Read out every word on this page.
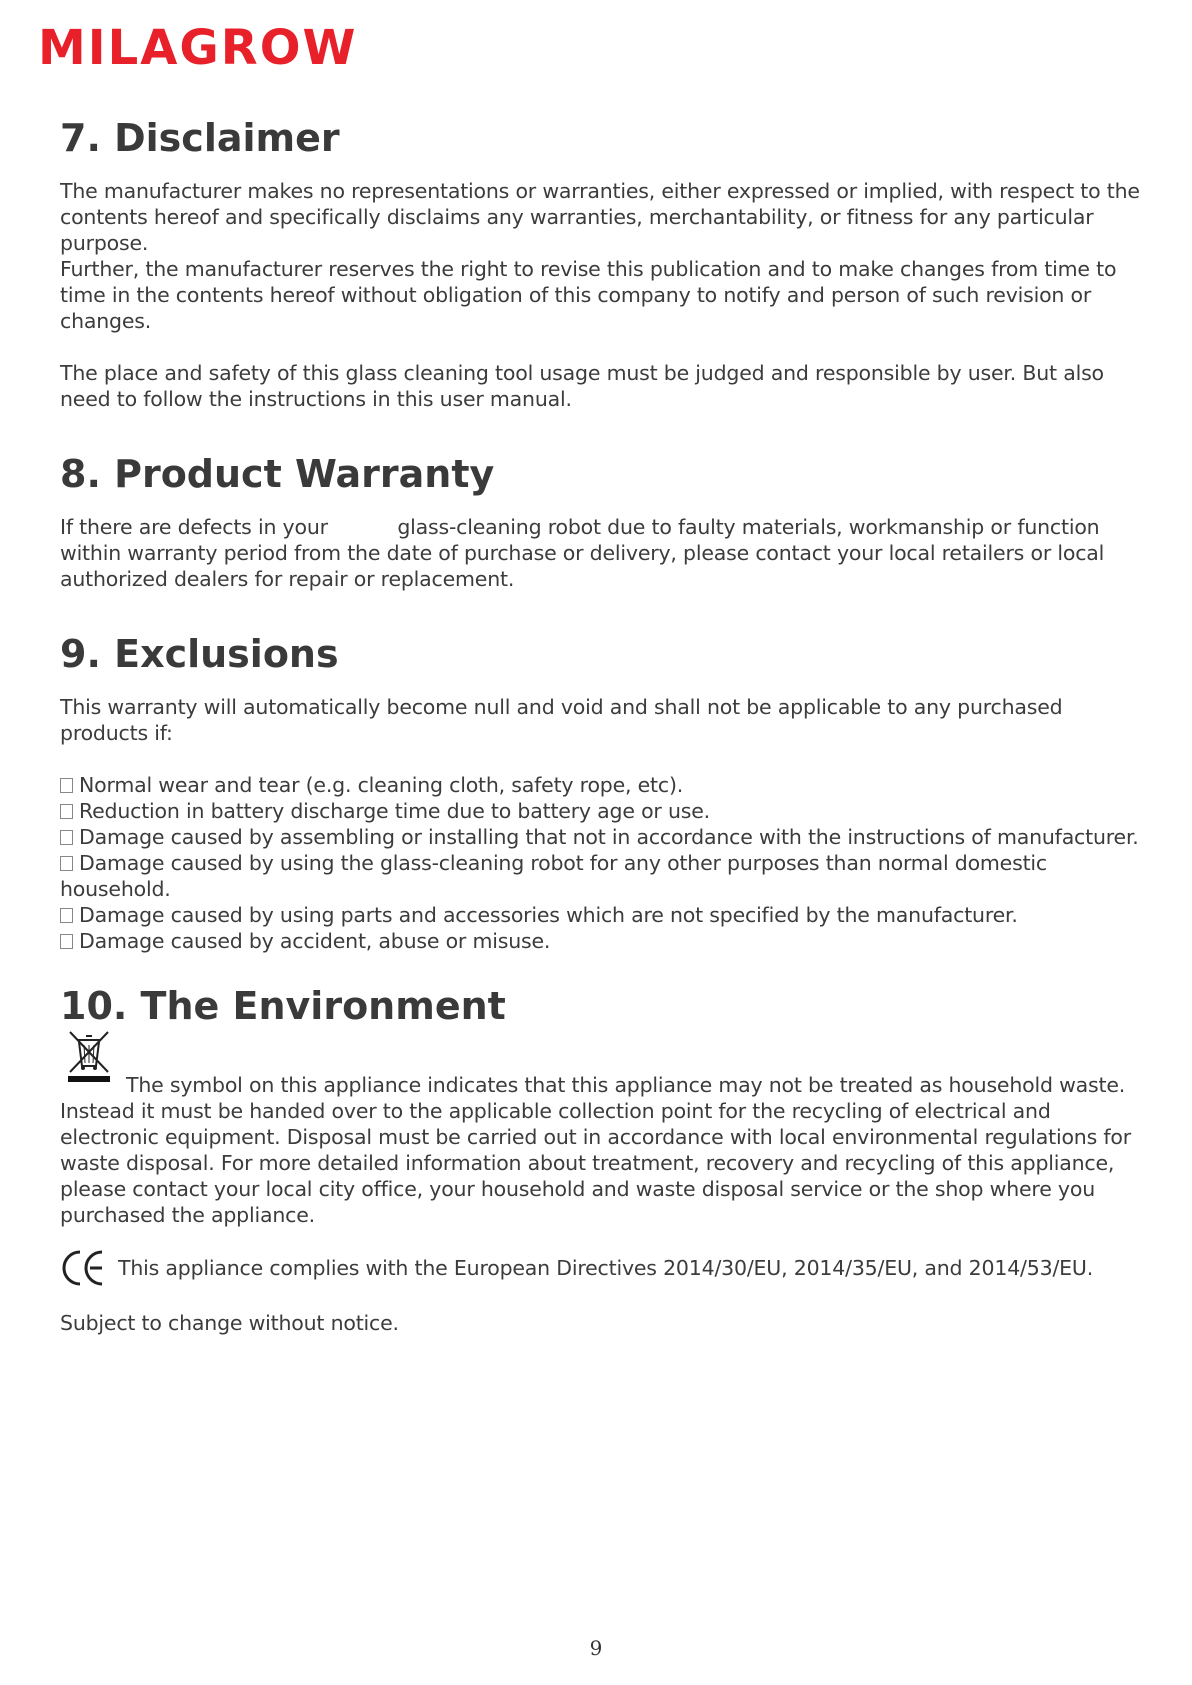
MILAGROW
7. Disclaimer

The manufacturer makes no representations or warranties, either expressed or implied, with respect to the contents hereof and specifically disclaims any warranties, merchantability, or fitness for any particular purpose.

Further, the manufacturer reserves the right to revise this publication and to make changes from time to time in the contents hereof without obligation of this company to notify and person of such revision or changes.

The place and safety of this glass cleaning tool usage must be judged and responsible by user. But also need to follow the instructions in this user manual.

8. Product Warranty

If there are defects in your           glass-cleaning robot due to faulty materials, workmanship or function within warranty period from the date of purchase or delivery, please contact your local retailers or local authorized dealers for repair or replacement.

9. Exclusions

This warranty will automatically become null and void and shall not be applicable to any purchased products if:

Normal wear and tear (e.g. cleaning cloth, safety rope, etc).
Reduction in battery discharge time due to battery age or use.
Damage caused by assembling or installing that not in accordance with the instructions of manufacturer.
Damage caused by using the glass-cleaning robot for any other purposes than normal domestic household.
Damage caused by using parts and accessories which are not specified by the manufacturer.
Damage caused by accident, abuse or misuse.
10. The Environment

The symbol on this appliance indicates that this appliance may not be treated as household waste. Instead it must be handed over to the applicable collection point for the recycling of electrical and electronic equipment. Disposal must be carried out in accordance with local environmental regulations for waste disposal. For more detailed information about treatment, recovery and recycling of this appliance, please contact your local city office, your household and waste disposal service or the shop where you purchased the appliance.

This appliance complies with the European Directives 2014/30/EU, 2014/35/EU, and 2014/53/EU.

Subject to change without notice.

9
